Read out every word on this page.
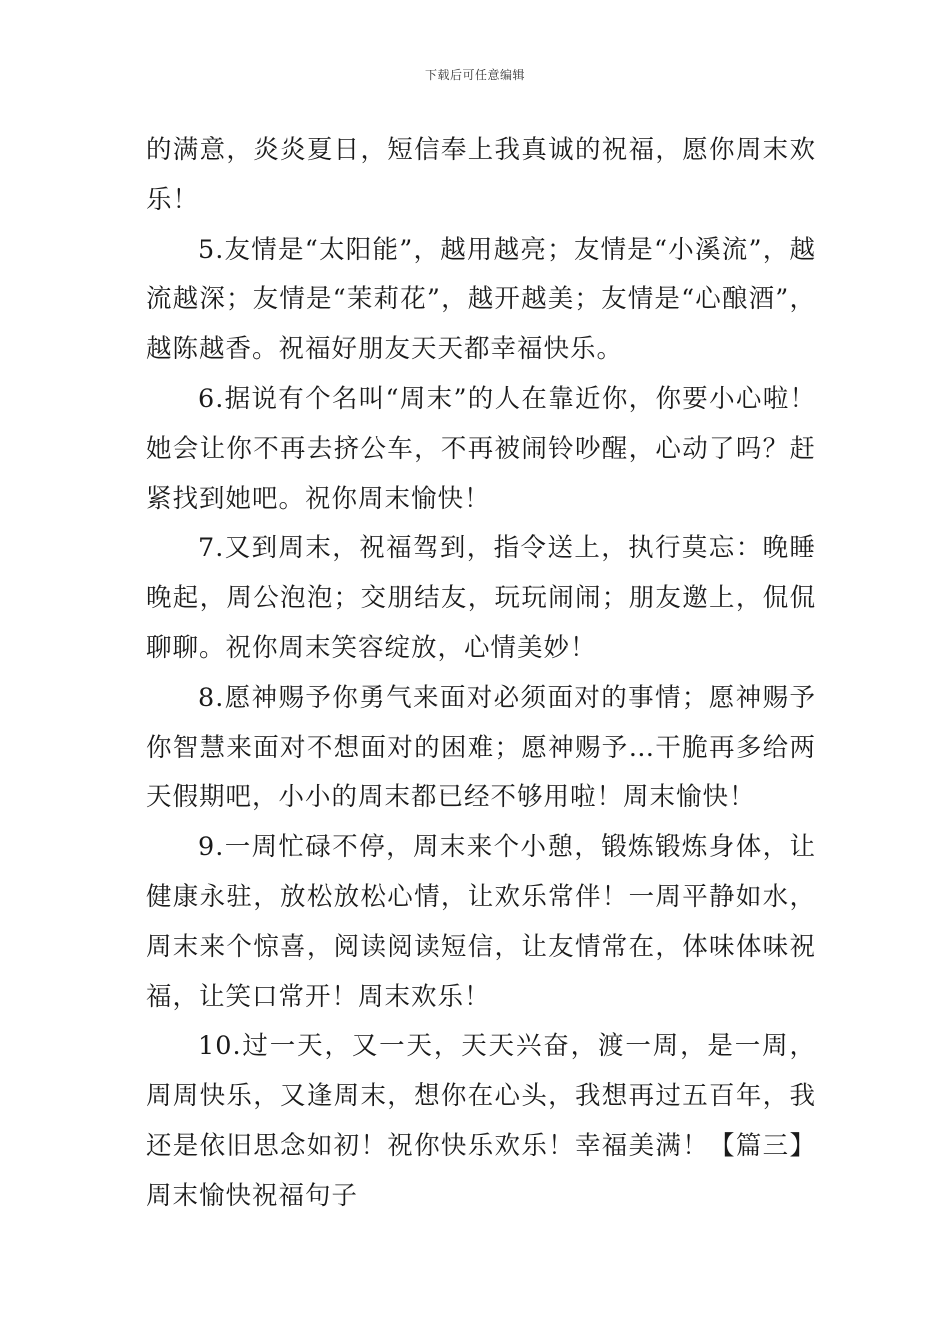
下载后可任意编辑

的满意，炎炎夏日，短信奉上我真诚的祝福，愿你周末欢乐！

5.友情是“太阳能”，越用越亮；友情是“小溪流”，越流越深；友情是“茉莉花”，越开越美；友情是“心酿酒”，越陈越香。祝福好朋友天天都幸福快乐。

6.据说有个名叫“周末”的人在靠近你，你要小心啦！她会让你不再去挤公车，不再被闹铃吵醒，心动了吗？赶紧找到她吧。祝你周末愉快！

7.又到周末，祝福驾到，指令送上，执行莫忘：晚睡晚起，周公泡泡；交朋结友，玩玩闹闹；朋友邀上，侃侃聊聊。祝你周末笑容绽放，心情美妙！

8.愿神赐予你勇气来面对必须面对的事情；愿神赐予你智慧来面对不想面对的困难；愿神赐予…干脆再多给两天假期吧，小小的周末都已经不够用啦！周末愉快！

9.一周忙碌不停，周末来个小憩，锻炼锻炼身体，让健康永驻，放松放松心情，让欢乐常伴！一周平静如水，周末来个惊喜，阅读阅读短信，让友情常在，体味体味祝福，让笑口常开！周末欢乐！

10.过一天，又一天，天天兴奋，渡一周，是一周，周周快乐，又逢周末，想你在心头，我想再过五百年，我还是依旧思念如初！祝你快乐欢乐！幸福美满！【篇三】周末愉快祝福句子
